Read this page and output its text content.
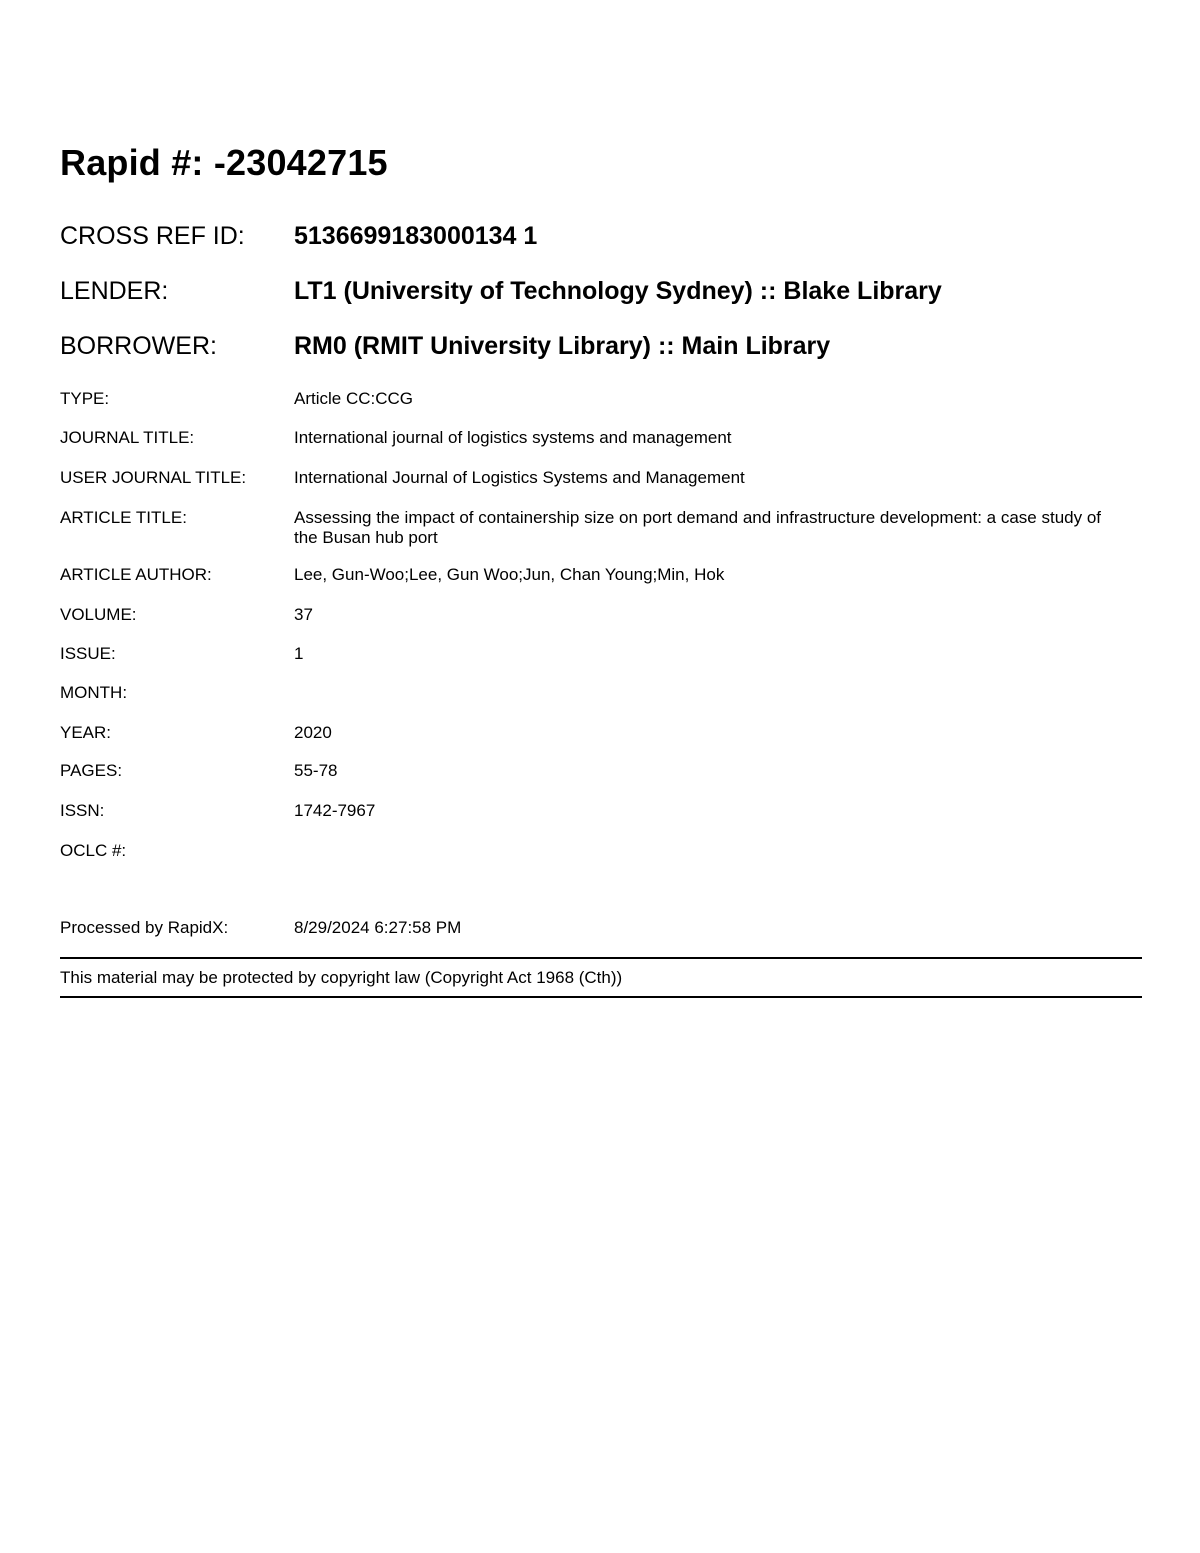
Rapid #: -23042715
CROSS REF ID: 5136699183000134 1
LENDER:	LT1 (University of Technology Sydney) :: Blake Library
BORROWER:	RM0 (RMIT University Library) :: Main Library
TYPE:	Article CC:CCG
JOURNAL TITLE:	International journal of logistics systems and management
USER JOURNAL TITLE:	International Journal of Logistics Systems and Management
ARTICLE TITLE:	Assessing the impact of containership size on port demand and infrastructure development: a case study of the Busan hub port
ARTICLE AUTHOR:	Lee, Gun-Woo;Lee, Gun Woo;Jun, Chan Young;Min, Hok
VOLUME:	37
ISSUE:	1
MONTH:
YEAR:	2020
PAGES:	55-78
ISSN:	1742-7967
OCLC #:
Processed by RapidX:	8/29/2024 6:27:58 PM
This material may be protected by copyright law (Copyright Act 1968 (Cth))
